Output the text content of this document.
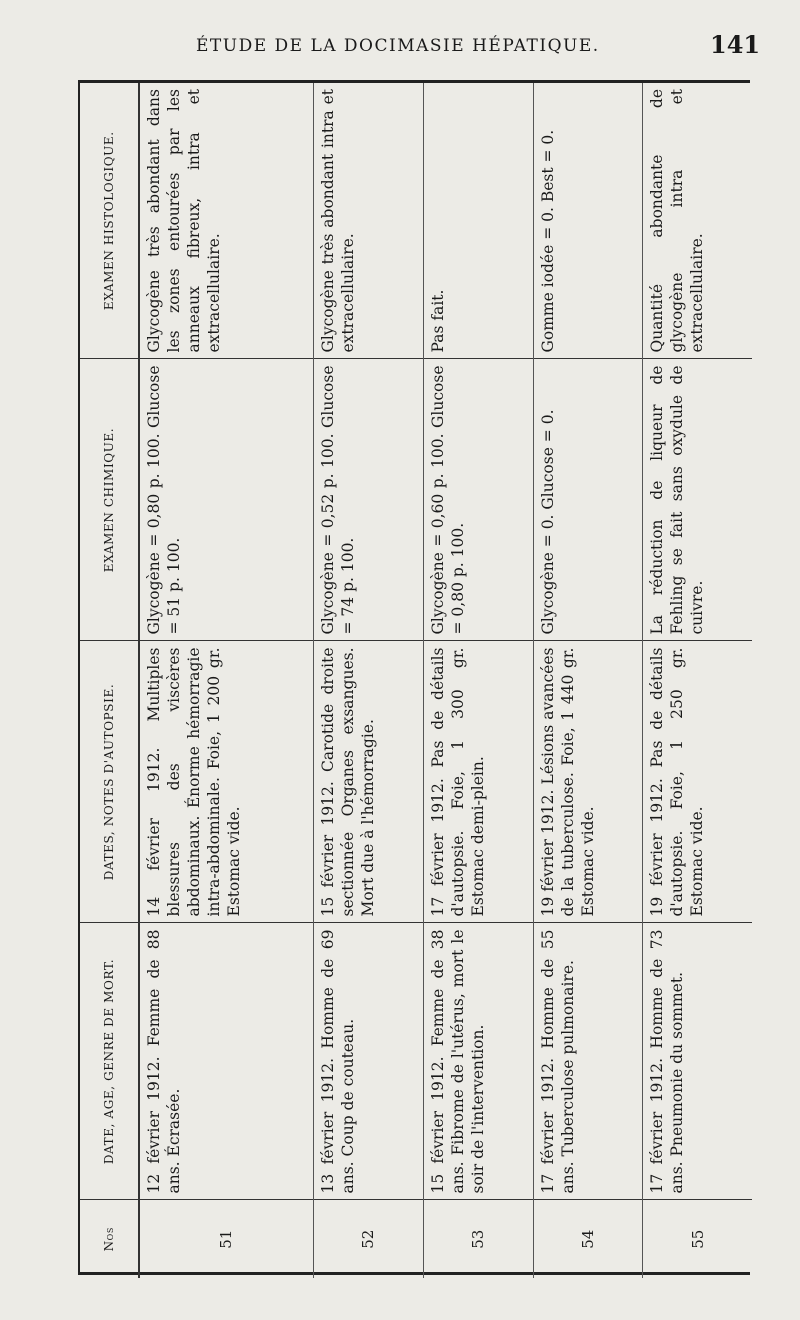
ÉTUDE DE LA DOCIMASIE HÉPATIQUE.	141
Nos	DATE, AGE, GENRE DE MORT.	DATES, NOTES D'AUTOPSIE.	EXAMEN CHIMIQUE.	EXAMEN HISTOLOGIQUE.
51	12 février 1912. Femme de 88 ans. Écrasée.	14 février 1912. Multiples blessures des viscères abdominaux. Énorme hémorragie intra-abdominale. Foie, 1 200 gr. Estomac vide.	Glycogène = 0,80 p. 100. Glucose = 51 p. 100.	Glycogène très abondant dans les zones entourées par les anneaux fibreux, intra et extracellulaire.
52	13 février 1912. Homme de 69 ans. Coup de couteau.	15 février 1912. Carotide droite sectionnée Organes exsangues. Mort due à l'hémorragie.	Glycogène = 0,52 p. 100. Glucose = 74 p. 100.	Glycogène très abondant intra et extracellulaire.
53	15 février 1912. Femme de 38 ans. Fibrome de l'utérus, mort le soir de l'intervention.	17 février 1912. Pas de détails d'autopsie. Foie, 1 300 gr. Estomac demi-plein.	Glycogène = 0,60 p. 100. Glucose = 0,80 p. 100.	Pas fait.
54	17 février 1912. Homme de 55 ans. Tuberculose pulmonaire.	19 février 1912. Lésions avancées de la tuberculose. Foie, 1 440 gr. Estomac vide.	Glycogène = 0. Glucose = 0.	Gomme iodée = 0. Best = 0.
55	17 février 1912. Homme de 73 ans. Pneumonie du sommet.	19 février 1912. Pas de détails d'autopsie. Foie, 1 250 gr. Estomac vide.	La réduction de liqueur de Fehling se fait sans oxydule de cuivre.	Quantité abondante de glycogène intra et extracellulaire.
